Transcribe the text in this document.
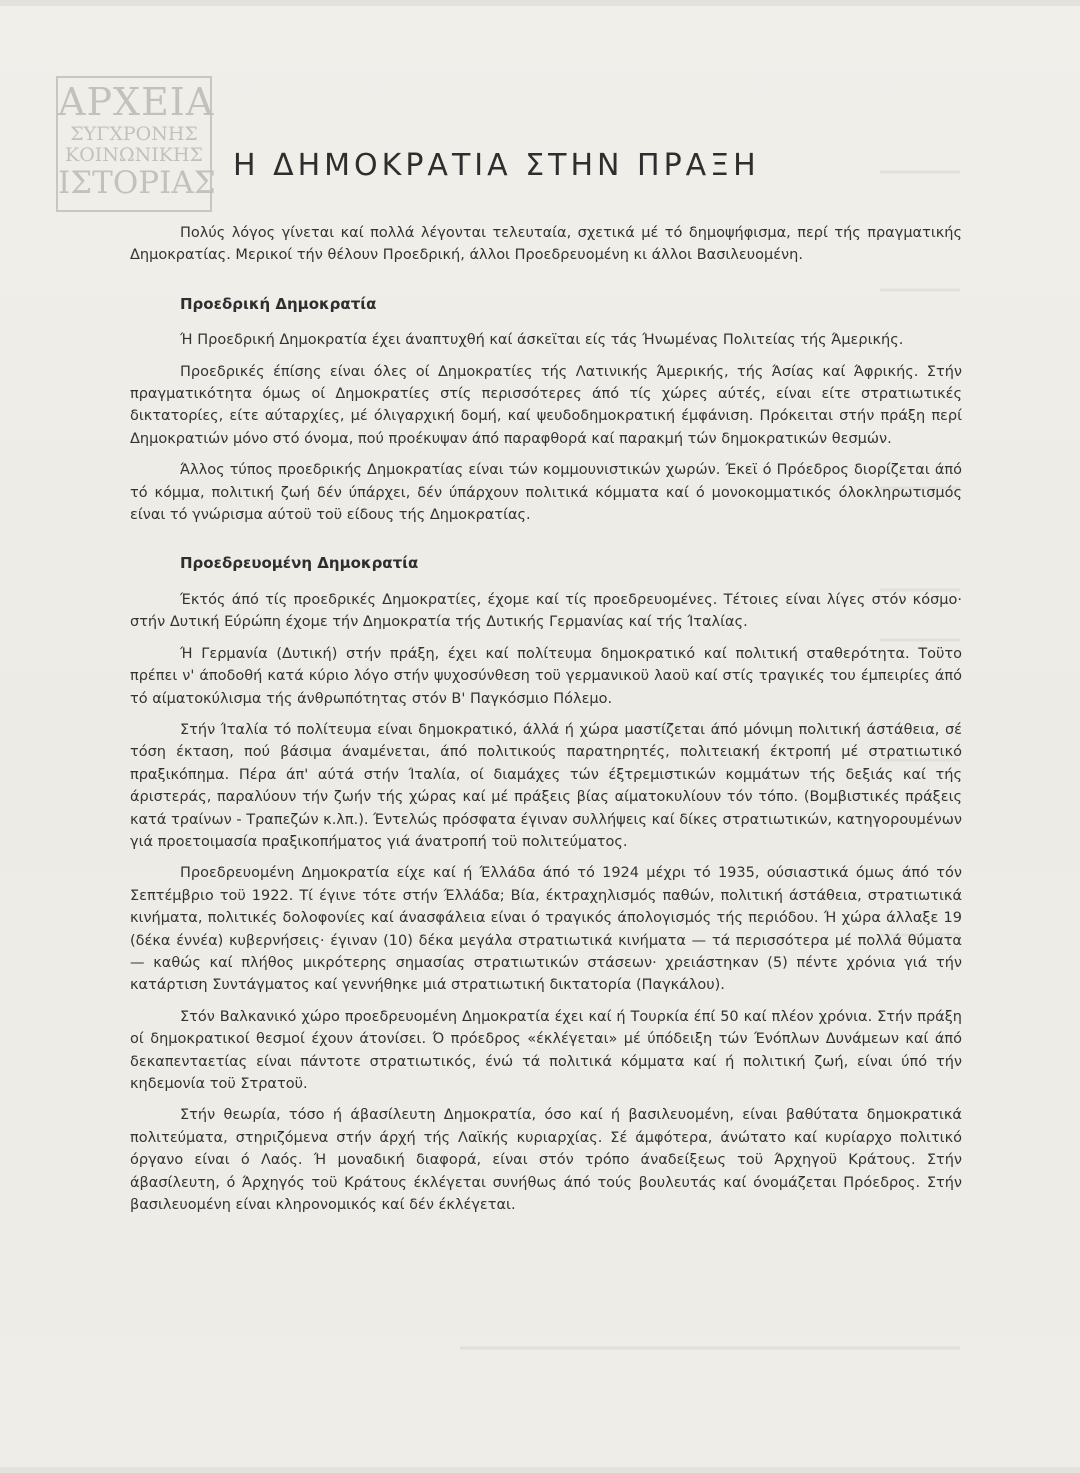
ΑΡΧΕΙΑ
ΣΥΓΧΡΟΝΗΣ
ΚΟΙΝΩΝΙΚΗΣ
ΙΣΤΟΡΙΑΣ Η ΔΗΜΟΚΡΑΤΙΑ ΣΤΗΝ ΠΡΑΞΗ

Πολύς λόγος γίνεται καί πολλά λέγονται τελευταία, σχετικά μέ τό δημοψήφισμα, περί τής πραγματικής Δημοκρατίας. Μερικοί τήν θέλουν Προεδρική, άλλοι Προεδρευομένη κι άλλοι Βασιλευομένη.

Προεδρική Δημοκρατία

Ή Προεδρική Δημοκρατία έχει άναπτυχθή καί άσκεϊται είς τάς Ήνωμένας Πολιτείας τής Άμερικής.

Προεδρικές έπίσης είναι όλες οί Δημοκρατίες τής Λατινικής Άμερικής, τής Άσίας καί Άφρικής. Στήν πραγματικότητα όμως οί Δημοκρατίες στίς περισσότερες άπό τίς χώρες αύτές, είναι είτε στρατιωτικές δικτατορίες, είτε αύταρχίες, μέ όλιγαρχική δομή, καί ψευδοδημοκρατική έμφάνιση. Πρόκειται στήν πράξη περί Δημοκρατιών μόνο στό όνομα, πού προέκυψαν άπό παραφθορά καί παρακμή τών δημοκρατικών θεσμών.

Άλλος τύπος προεδρικής Δημοκρατίας είναι τών κομμουνιστικών χωρών. Έκεϊ ό Πρόεδρος διορίζεται άπό τό κόμμα, πολιτική ζωή δέν ύπάρχει, δέν ύπάρχουν πολιτικά κόμματα καί ό μονοκομματικός όλοκληρωτισμός είναι τό γνώρισμα αύτοϋ τοϋ είδους τής Δημοκρατίας.

Προεδρευομένη Δημοκρατία

Έκτός άπό τίς προεδρικές Δημοκρατίες, έχομε καί τίς προεδρευομένες. Τέτοιες είναι λίγες στόν κόσμο· στήν Δυτική Εύρώπη έχομε τήν Δημοκρατία τής Δυτικής Γερμανίας καί τής Ίταλίας.

Ή Γερμανία (Δυτική) στήν πράξη, έχει καί πολίτευμα δημοκρατικό καί πολιτική σταθερότητα. Τοϋτο πρέπει ν' άποδοθή κατά κύριο λόγο στήν ψυχοσύνθεση τοϋ γερμανικοϋ λαοϋ καί στίς τραγικές του έμπειρίες άπό τό αίματοκύλισμα τής άνθρωπότητας στόν Β' Παγκόσμιο Πόλεμο.

Στήν Ίταλία τό πολίτευμα είναι δημοκρατικό, άλλά ή χώρα μαστίζεται άπό μόνιμη πολιτική άστάθεια, σέ τόση έκταση, πού βάσιμα άναμένεται, άπό πολιτικούς παρατηρητές, πολιτειακή έκτροπή μέ στρατιωτικό πραξικόπημα. Πέρα άπ' αύτά στήν Ίταλία, οί διαμάχες τών έξτρεμιστικών κομμάτων τής δεξιάς καί τής άριστεράς, παραλύουν τήν ζωήν τής χώρας καί μέ πράξεις βίας αίματοκυλίουν τόν τόπο. (Βομβιστικές πράξεις κατά τραίνων - Τραπεζών κ.λπ.). Έντελώς πρόσφατα έγιναν συλλήψεις καί δίκες στρατιωτικών, κατηγορουμένων γιά προετοιμασία πραξικοπήματος γιά άνατροπή τοϋ πολιτεύματος.

Προεδρευομένη Δημοκρατία είχε καί ή Έλλάδα άπό τό 1924 μέχρι τό 1935, ούσιαστικά όμως άπό τόν Σεπτέμβριο τοϋ 1922. Τί έγινε τότε στήν Έλλάδα; Βία, έκτραχηλισμός παθών, πολιτική άστάθεια, στρατιωτικά κινήματα, πολιτικές δολοφονίες καί άνασφάλεια είναι ό τραγικός άπολογισμός τής περιόδου. Ή χώρα άλλαξε 19 (δέκα έννέα) κυβερνήσεις· έγιναν (10) δέκα μεγάλα στρατιωτικά κινήματα — τά περισσότερα μέ πολλά θύματα — καθώς καί πλήθος μικρότερης σημασίας στρατιωτικών στάσεων· χρειάστηκαν (5) πέντε χρόνια γιά τήν κατάρτιση Συντάγματος καί γεννήθηκε μιά στρατιωτική δικτατορία (Παγκάλου).

Στόν Βαλκανικό χώρο προεδρευομένη Δημοκρατία έχει καί ή Τουρκία έπί 50 καί πλέον χρόνια. Στήν πράξη οί δημοκρατικοί θεσμοί έχουν άτονίσει. Ό πρόεδρος «έκλέγεται» μέ ύπόδειξη τών Ένόπλων Δυνάμεων καί άπό δεκαπενταετίας είναι πάντοτε στρατιωτικός, ένώ τά πολιτικά κόμματα καί ή πολιτική ζωή, είναι ύπό τήν κηδεμονία τοϋ Στρατοϋ.

Στήν θεωρία, τόσο ή άβασίλευτη Δημοκρατία, όσο καί ή βασιλευομένη, είναι βαθύτατα δημοκρατικά πολιτεύματα, στηριζόμενα στήν άρχή τής Λαϊκής κυριαρχίας. Σέ άμφότερα, άνώτατο καί κυρίαρχο πολιτικό όργανο είναι ό Λαός. Ή μοναδική διαφορά, είναι στόν τρόπο άναδείξεως τοϋ Άρχηγοϋ Κράτους. Στήν άβασίλευτη, ό Άρχηγός τοϋ Κράτους έκλέγεται συνήθως άπό τούς βουλευτάς καί όνομάζεται Πρόεδρος. Στήν βασιλευομένη είναι κληρονομικός καί δέν έκλέγεται.
